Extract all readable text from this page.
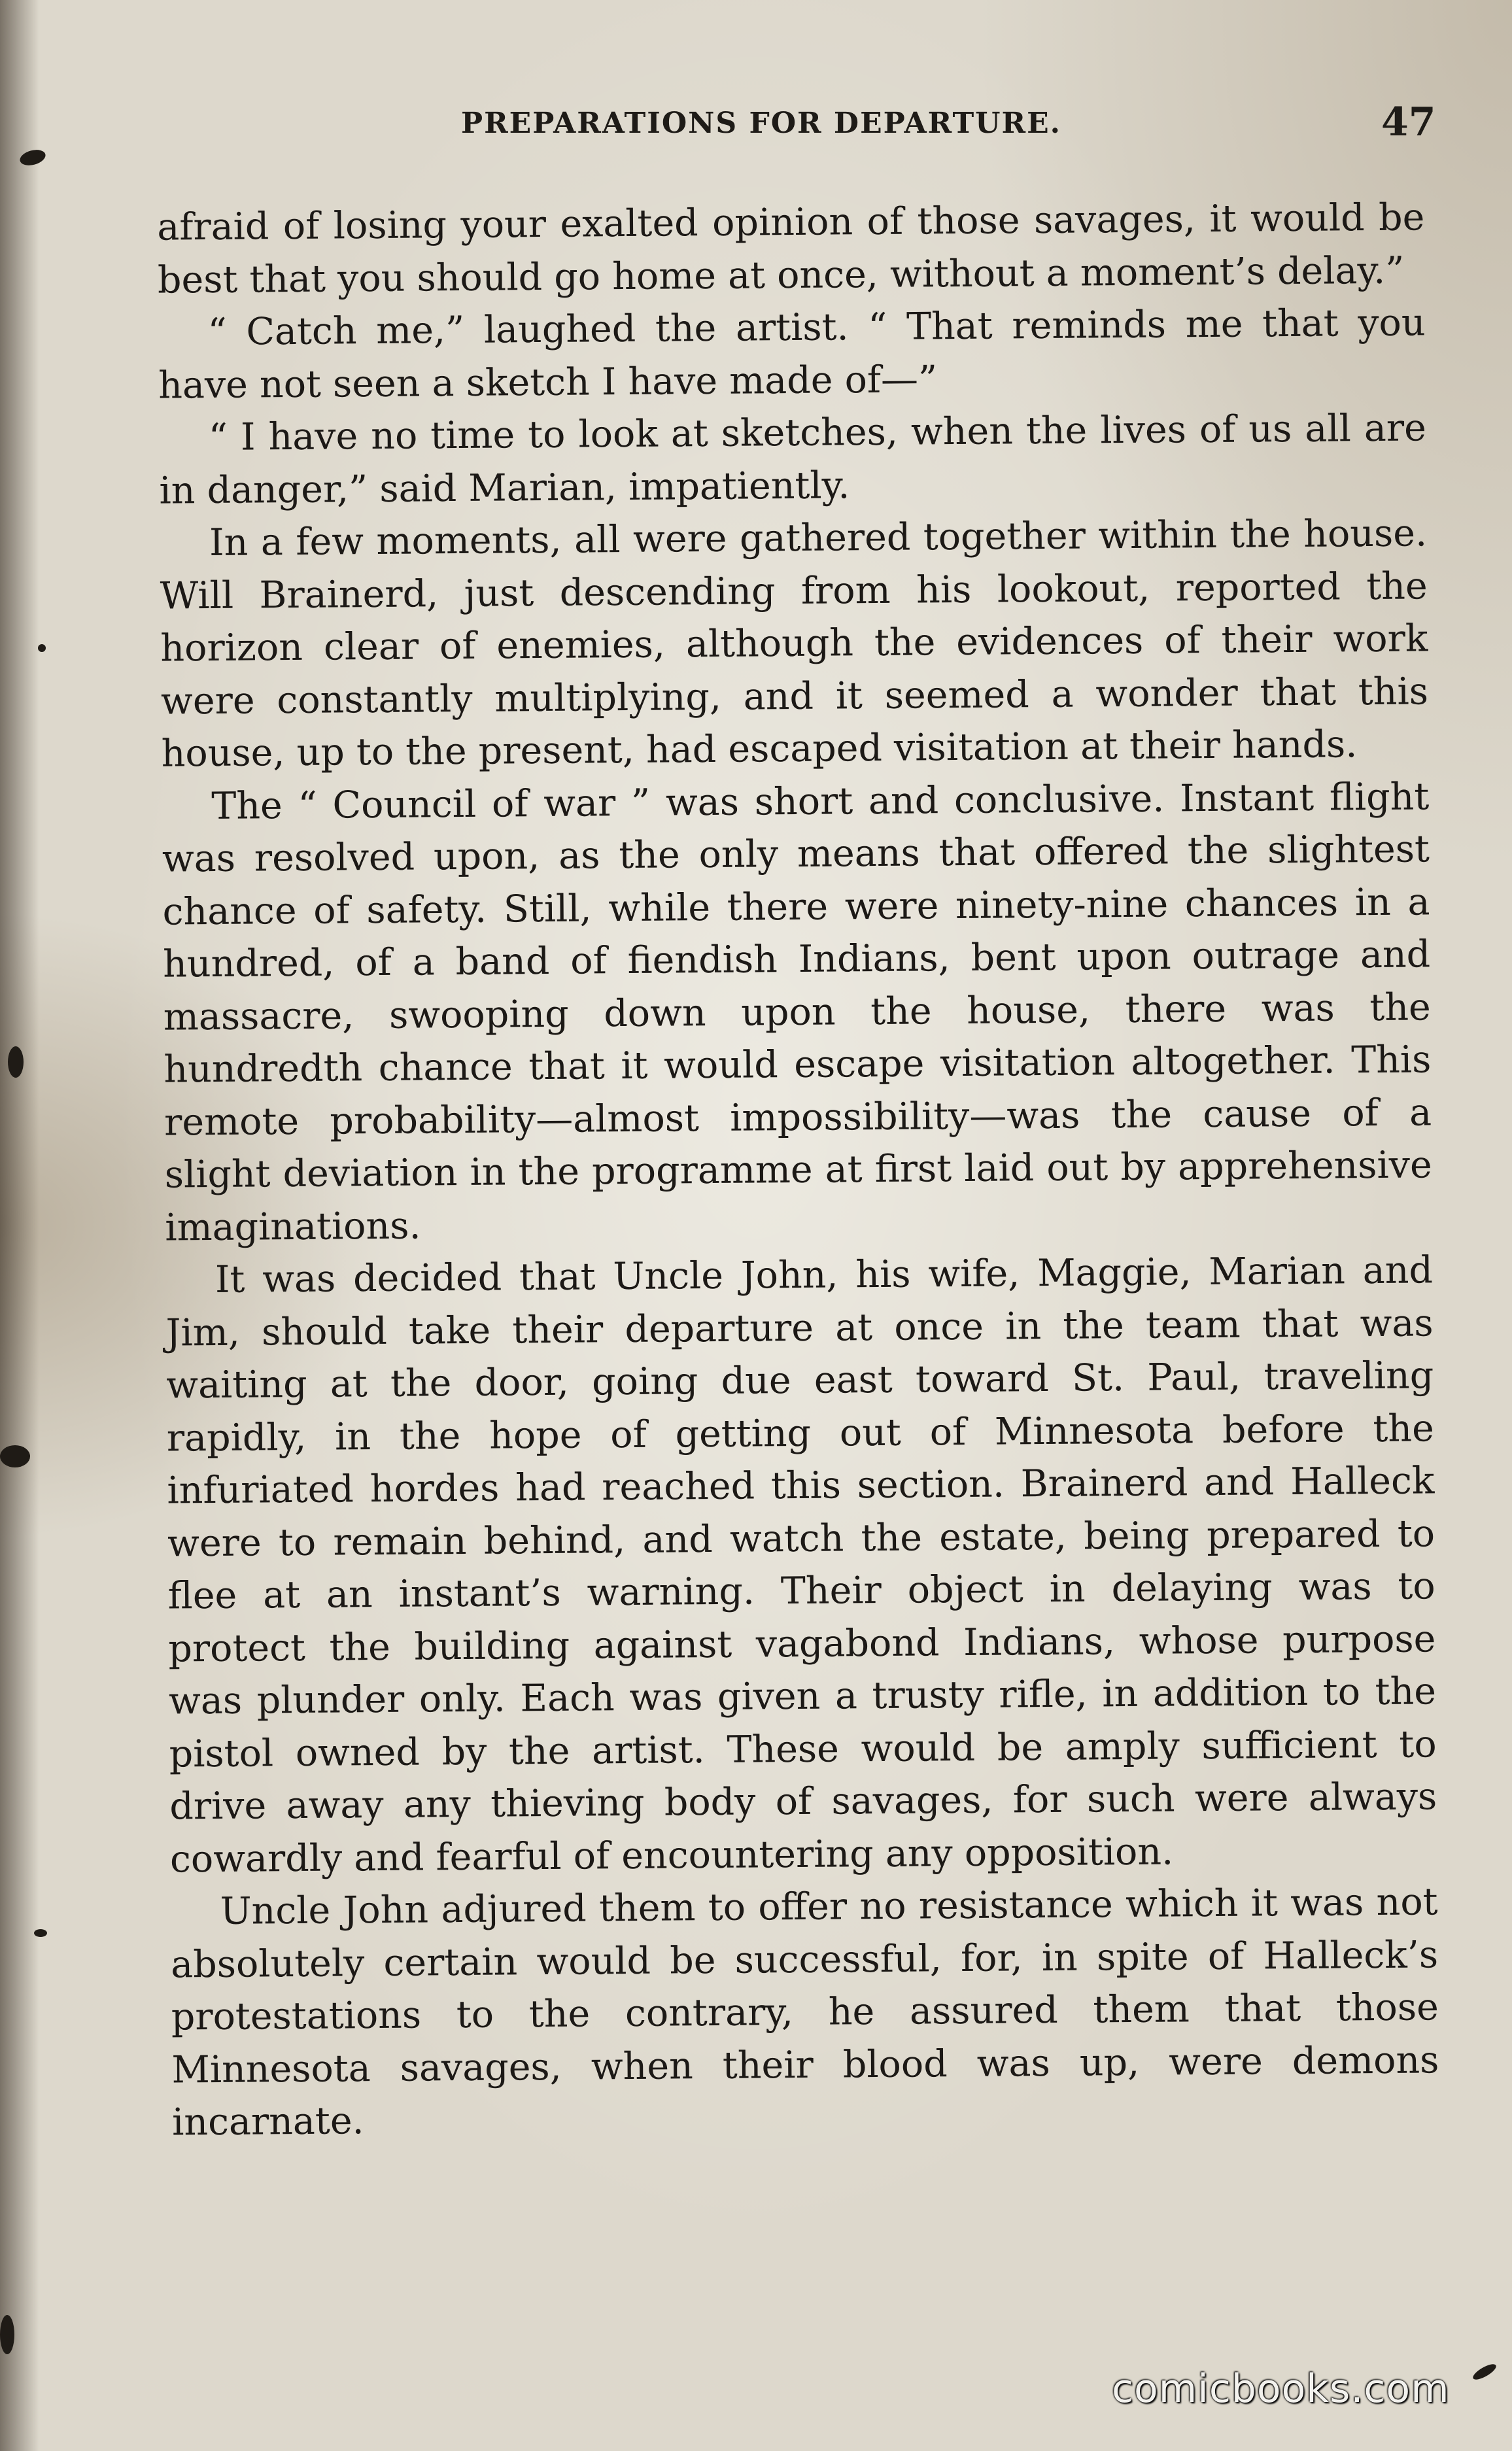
PREPARATIONS FOR DEPARTURE.	47

afraid of losing your exalted opinion of those savages, it would be best that you should go home at once, without a moment’s delay.”

“ Catch me,” laughed the artist. “ That reminds me that you have not seen a sketch I have made of—”

“ I have no time to look at sketches, when the lives of us all are in danger,” said Marian, impatiently.

In a few moments, all were gathered together within the house. Will Brainerd, just descending from his lookout, reported the horizon clear of enemies, although the evidences of their work were constantly multiplying, and it seemed a wonder that this house, up to the present, had escaped visitation at their hands.

The “ Council of war ” was short and conclusive. Instant flight was resolved upon, as the only means that offered the slightest chance of safety. Still, while there were ninety-nine chances in a hundred, of a band of fiendish Indians, bent upon outrage and massacre, swooping down upon the house, there was the hundredth chance that it would escape visitation altogether. This remote probability—almost impossibility—was the cause of a slight deviation in the programme at first laid out by apprehensive imaginations.

It was decided that Uncle John, his wife, Maggie, Marian and Jim, should take their departure at once in the team that was waiting at the door, going due east toward St. Paul, traveling rapidly, in the hope of getting out of Minnesota before the infuriated hordes had reached this section. Brainerd and Halleck were to remain behind, and watch the estate, being prepared to flee at an instant’s warning. Their object in delaying was to protect the building against vagabond Indians, whose purpose was plunder only. Each was given a trusty rifle, in addition to the pistol owned by the artist. These would be amply sufficient to drive away any thieving body of savages, for such were always cowardly and fearful of encountering any opposition.

Uncle John adjured them to offer no resistance which it was not absolutely certain would be successful, for, in spite of Halleck’s protestations to the contrary, he assured them that those Minnesota savages, when their blood was up, were demons incarnate.

comicbooks.com
